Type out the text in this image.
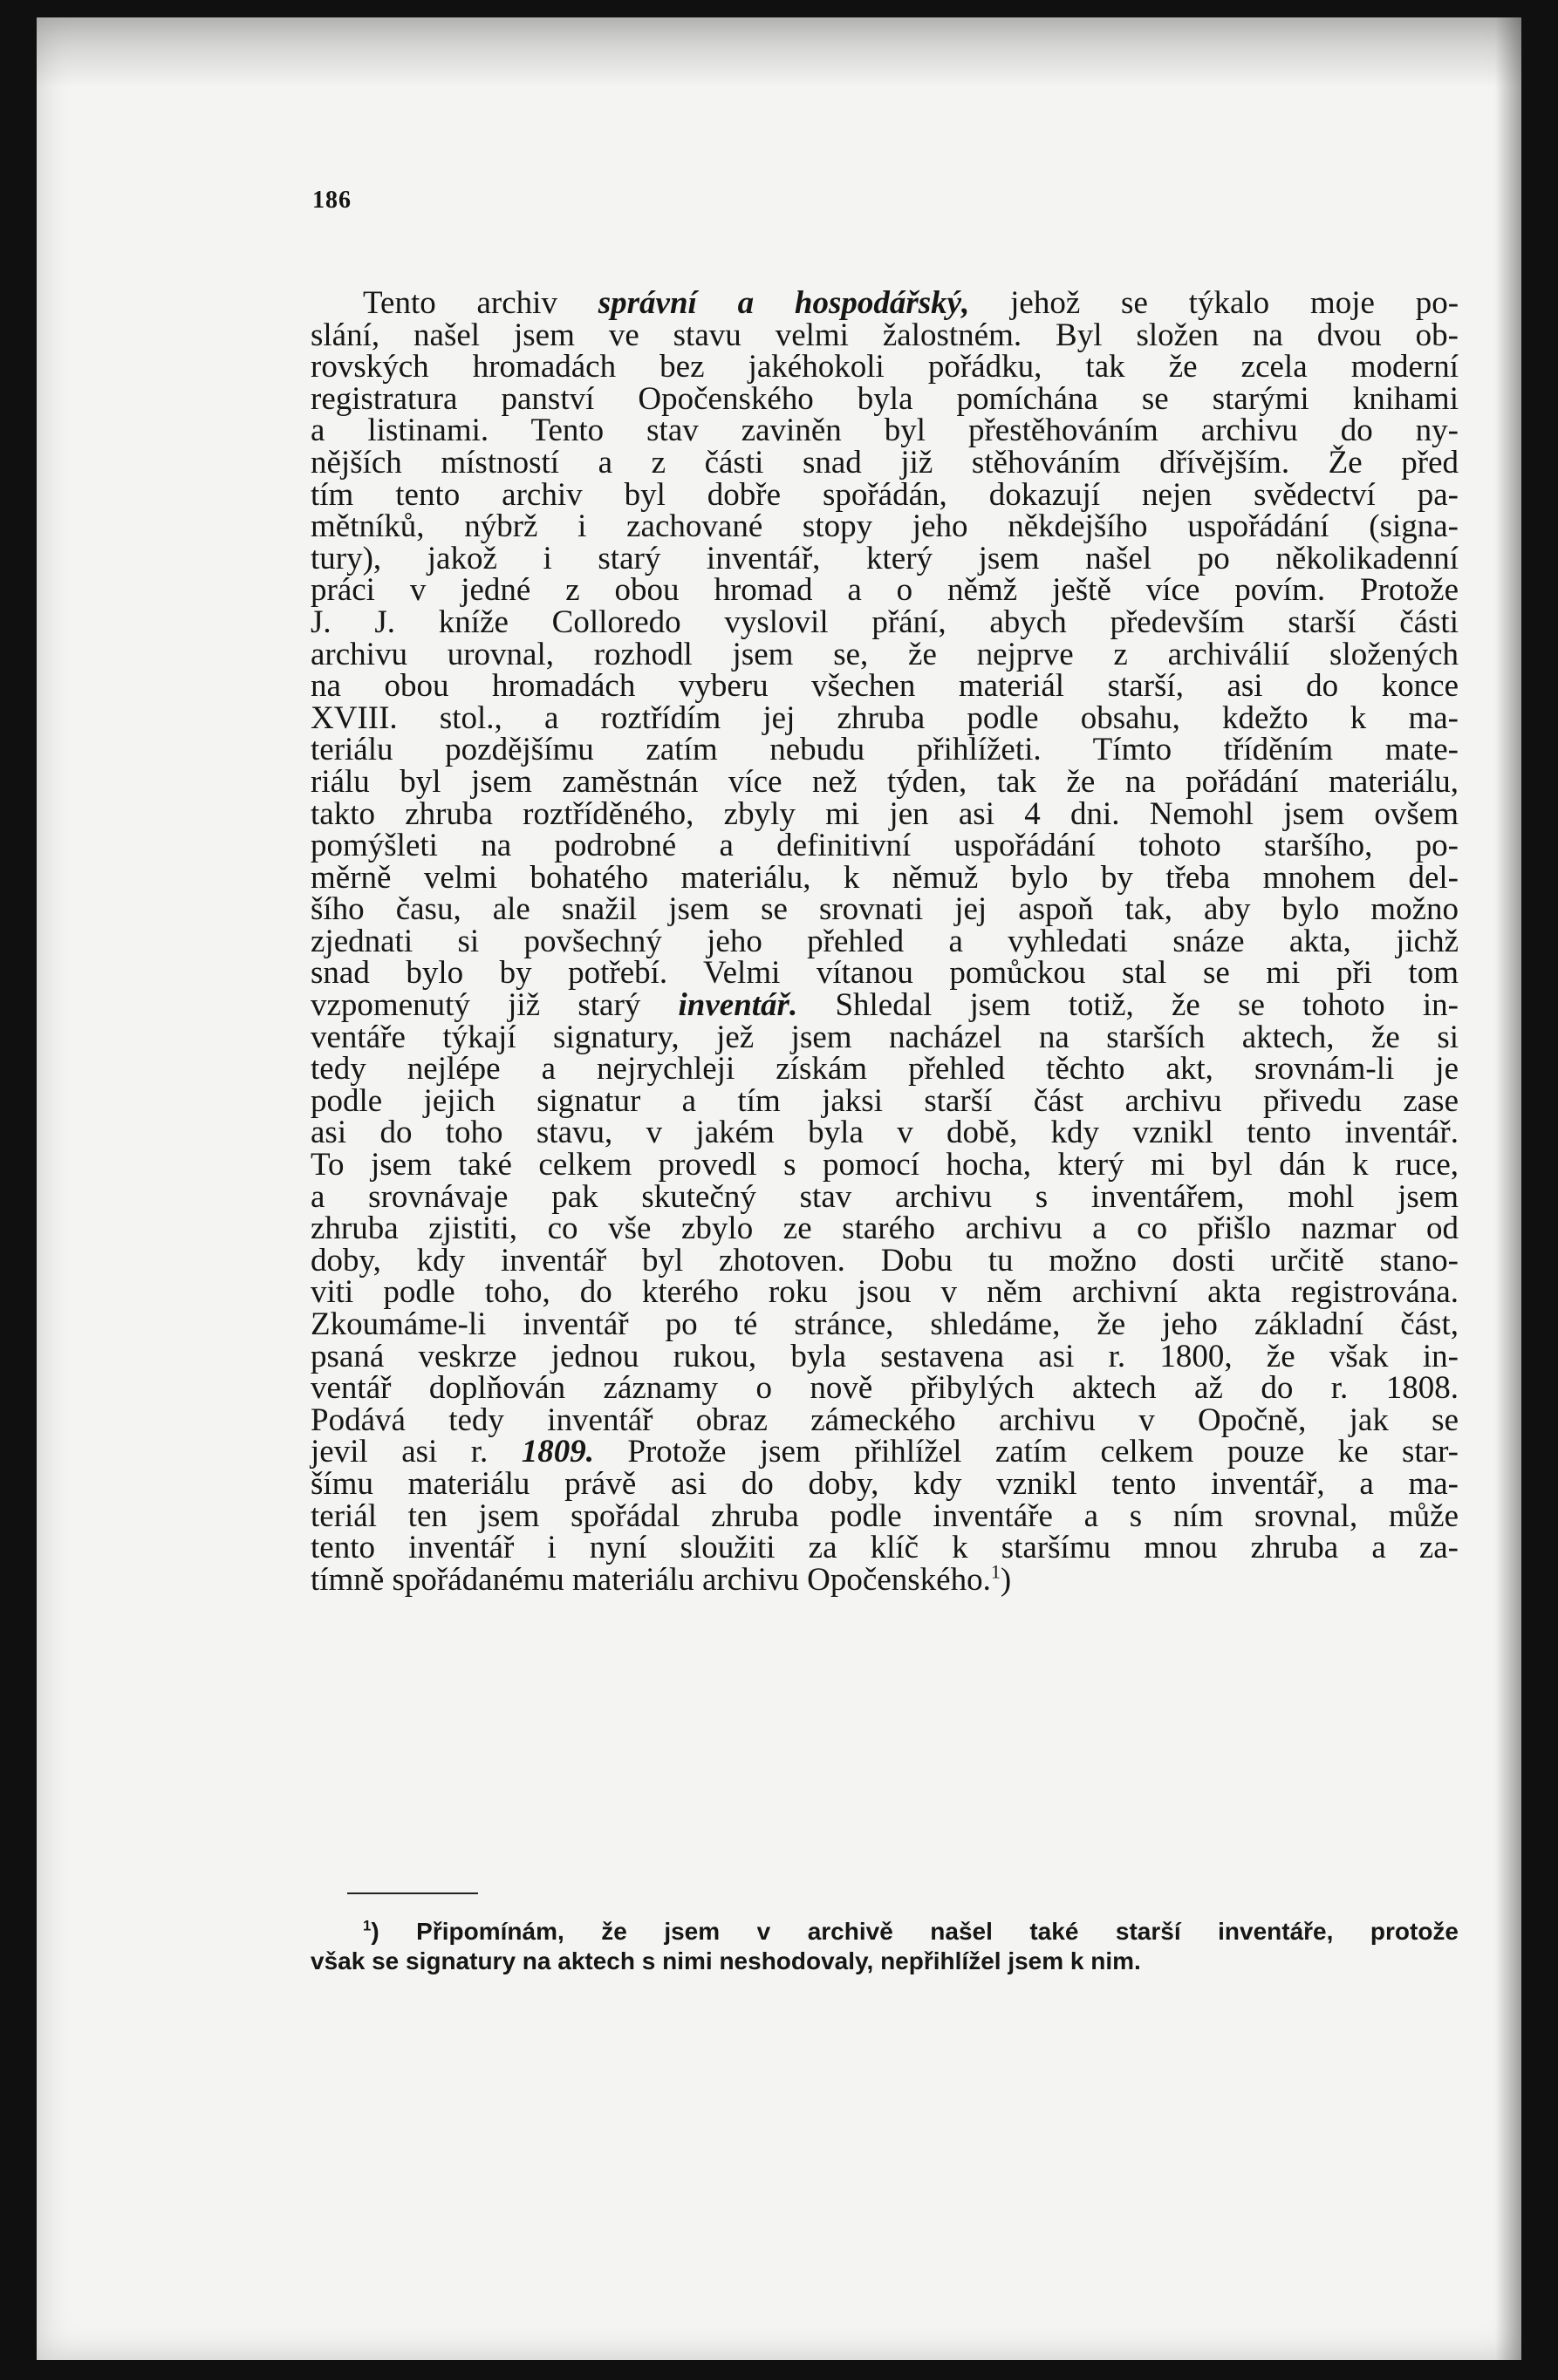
186
Tento archiv správní a hospodářský, jehož se týkalo moje po-
slání, našel jsem ve stavu velmi žalostném. Byl složen na dvou ob-
rovských hromadách bez jakéhokoli pořádku, tak že zcela moderní
registratura panství Opočenského byla pomíchána se starými knihami
a listinami. Tento stav zaviněn byl přestěhováním archivu do ny-
nějších místností a z části snad již stěhováním dřívějším. Že před
tím tento archiv byl dobře spořádán, dokazují nejen svědectví pa-
mětníků, nýbrž i zachované stopy jeho někdejšího uspořádání (signa-
tury), jakož i starý inventář, který jsem našel po několikadenní
práci v jedné z obou hromad a o němž ještě více povím. Protože
J. J. kníže Colloredo vyslovil přání, abych především starší části
archivu urovnal, rozhodl jsem se, že nejprve z archiválií složených
na obou hromadách vyberu všechen materiál starší, asi do konce
XVIII. stol., a roztřídím jej zhruba podle obsahu, kdežto k ma-
teriálu pozdějšímu zatím nebudu přihlížeti. Tímto tříděním mate-
riálu byl jsem zaměstnán více než týden, tak že na pořádání materiálu,
takto zhruba roztříděného, zbyly mi jen asi 4 dni. Nemohl jsem ovšem
pomýšleti na podrobné a definitivní uspořádání tohoto staršího, po-
měrně velmi bohatého materiálu, k němuž bylo by třeba mnohem del-
šího času, ale snažil jsem se srovnati jej aspoň tak, aby bylo možno
zjednati si povšechný jeho přehled a vyhledati snáze akta, jichž
snad bylo by potřebí. Velmi vítanou pomůckou stal se mi při tom
vzpomenutý již starý inventář. Shledal jsem totiž, že se tohoto in-
ventáře týkají signatury, jež jsem nacházel na starších aktech, že si
tedy nejlépe a nejrychleji získám přehled těchto akt, srovnám-li je
podle jejich signatur a tím jaksi starší část archivu přivedu zase
asi do toho stavu, v jakém byla v době, kdy vznikl tento inventář.
To jsem také celkem provedl s pomocí hocha, který mi byl dán k ruce,
a srovnávaje pak skutečný stav archivu s inventářem, mohl jsem
zhruba zjistiti, co vše zbylo ze starého archivu a co přišlo nazmar od
doby, kdy inventář byl zhotoven. Dobu tu možno dosti určitě stano-
viti podle toho, do kterého roku jsou v něm archivní akta registrována.
Zkoumáme-li inventář po té stránce, shledáme, že jeho základní část,
psaná veskrze jednou rukou, byla sestavena asi r. 1800, že však in-
ventář doplňován záznamy o nově přibylých aktech až do r. 1808.
Podává tedy inventář obraz zámeckého archivu v Opočně, jak se
jevil asi r. 1809. Protože jsem přihlížel zatím celkem pouze ke star-
šímu materiálu právě asi do doby, kdy vznikl tento inventář, a ma-
teriál ten jsem spořádal zhruba podle inventáře a s ním srovnal, může
tento inventář i nyní sloužiti za klíč k staršímu mnou zhruba a za-
tímně spořádanému materiálu archivu Opočenského.$^1$)
$^1$) Připomínám, že jsem v archivě našel také starší inventáře, protože
však se signatury na aktech s nimi neshodovaly, nepřihlížel jsem k nim.
